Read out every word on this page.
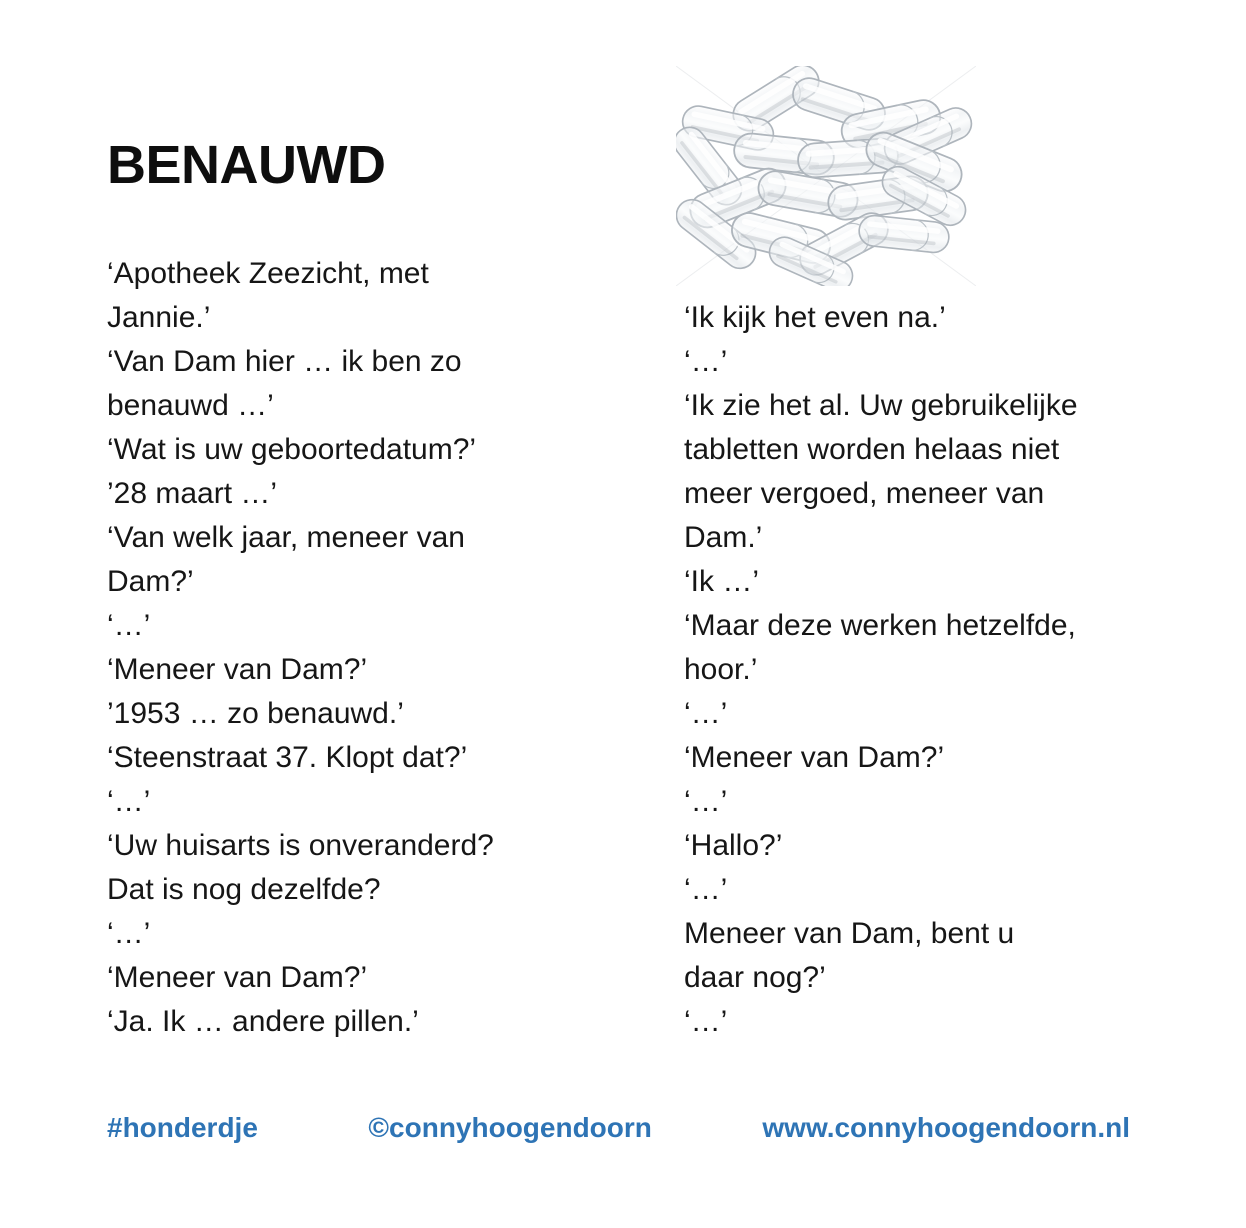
BENAUWD
‘Apotheek Zeezicht, met
Jannie.’
‘Van Dam hier … ik ben zo
benauwd …’
‘Wat is uw geboortedatum?’
’28 maart …’
‘Van welk jaar, meneer van
Dam?’
‘…’
‘Meneer van Dam?’
’1953 … zo benauwd.’
‘Steenstraat 37. Klopt dat?’
‘…’
‘Uw huisarts is onveranderd?
Dat is nog dezelfde?
‘…’
‘Meneer van Dam?’
‘Ja. Ik … andere pillen.’
‘Ik kijk het even na.’
‘…’
‘Ik zie het al. Uw gebruikelijke
tabletten worden helaas niet
meer vergoed, meneer van
Dam.’
‘Ik …’
‘Maar deze werken hetzelfde,
hoor.’
‘…’
‘Meneer van Dam?’
‘…’
‘Hallo?’
‘…’
Meneer van Dam, bent u
daar nog?’
‘…’
#honderdje	©connyhoogendoorn	www.connyhoogendoorn.nl
